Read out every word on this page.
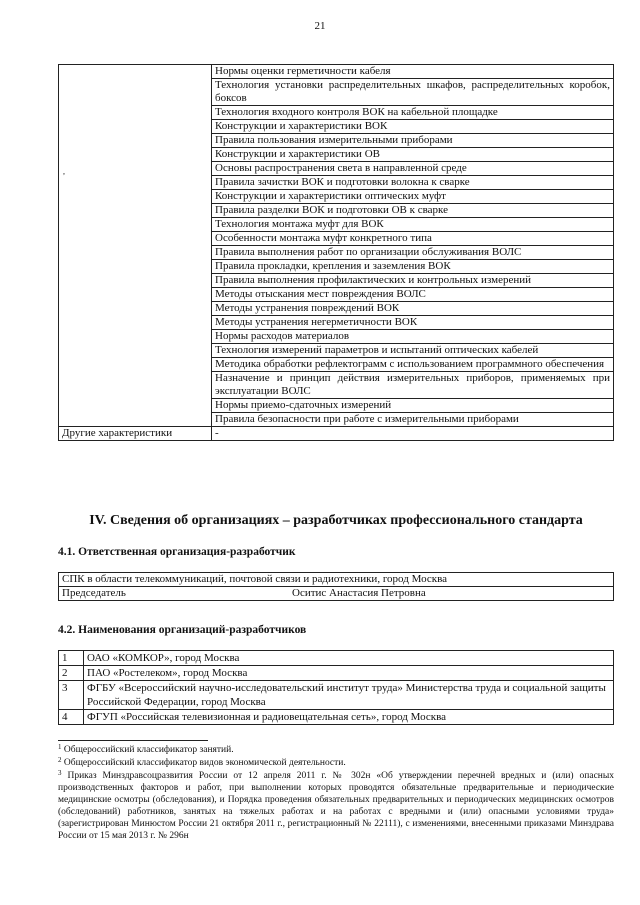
21
,	Нормы оценки герметичности кабеля
	Технология установки распределительных шкафов, распределительных коробок, боксов
	Технология входного контроля ВОК на кабельной площадке
	Конструкции и характеристики ВОК
	Правила пользования измерительными приборами
	Конструкции и характеристики ОВ
	Основы распространения света в направленной среде
	Правила зачистки ВОК и подготовки волокна к сварке
	Конструкции и характеристики оптических муфт
	Правила разделки ВОК и подготовки ОВ к сварке
	Технология монтажа муфт для ВОК
	Особенности монтажа муфт конкретного типа
	Правила выполнения работ по организации обслуживания ВОЛС
	Правила прокладки, крепления и заземления ВОК
	Правила выполнения профилактических и контрольных измерений
	Методы отыскания мест повреждения ВОЛС
	Методы устранения повреждений ВОК
	Методы устранения негерметичности ВОК
	Нормы расходов материалов
	Технология измерений параметров и испытаний оптических кабелей
	Методика обработки рефлектограмм с использованием программного обеспечения
	Назначение и принцип действия измерительных приборов, применяемых при эксплуатации ВОЛС
	Нормы приемо-сдаточных измерений
	Правила безопасности при работе с измерительными приборами
Другие характеристики	-
IV. Сведения об организациях – разработчиках профессионального стандарта
4.1. Ответственная организация-разработчик
СПК в области телекоммуникаций, почтовой связи и радиотехники, город Москва

Председатель	Оситис Анастасия Петровна
4.2. Наименования организаций-разработчиков
1	ОАО «КОМКОР», город Москва
2	ПАО «Ростелеком», город Москва
3	ФГБУ «Всероссийский научно-исследовательский институт труда» Министерства труда и социальной защиты Российской Федерации, город Москва
4	ФГУП «Российская телевизионная и радиовещательная сеть», город Москва

$^1$ Общероссийский классификатор занятий.

$^2$ Общероссийский классификатор видов экономической деятельности.

$^3$ Приказ Минздравсоцразвития России от 12 апреля 2011 г. № 302н «Об утверждении перечней вредных и (или) опасных производственных факторов и работ, при выполнении которых проводятся обязательные предварительные и периодические медицинские осмотры (обследования), и Порядка проведения обязательных предварительных и периодических медицинских осмотров (обследований) работников, занятых на тяжелых работах и на работах с вредными и (или) опасными условиями труда» (зарегистрирован Минюстом России 21 октября 2011 г., регистрационный № 22111), с изменениями, внесенными приказами Минздрава России от 15 мая 2013 г. № 296н
